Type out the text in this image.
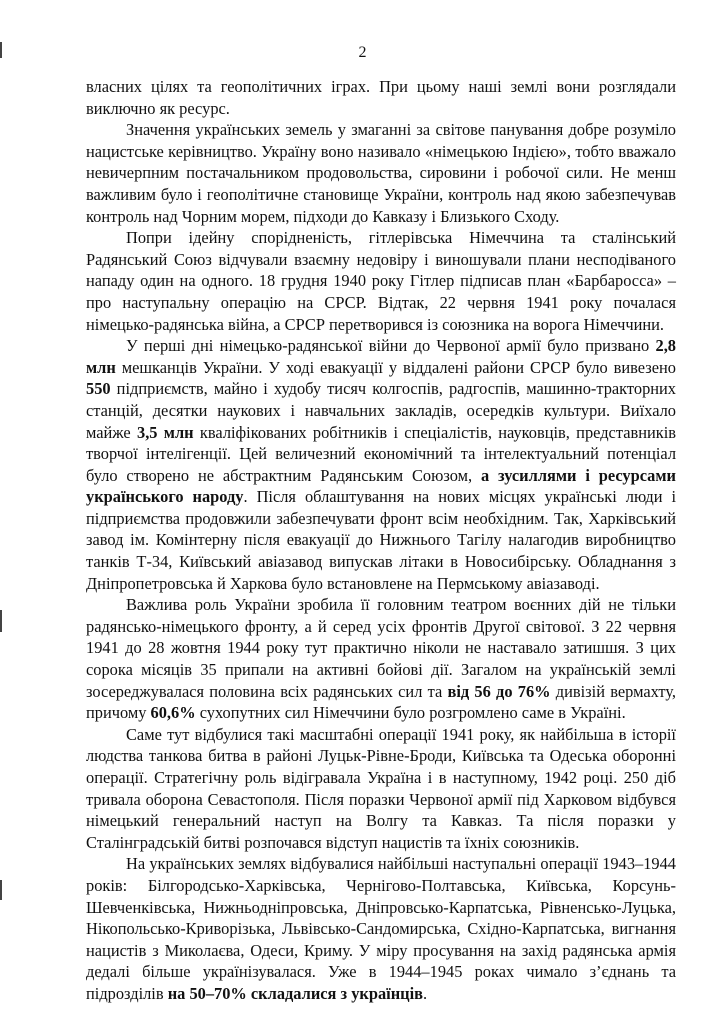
2

власних цілях та геополітичних іграх. При цьому наші землі вони розглядали виключно як ресурс.

Значення українських земель у змаганні за світове панування добре розуміло нацистське керівництво. Україну воно називало «німецькою Індією», тобто вважало невичерпним постачальником продовольства, сировини і робочої сили. Не менш важливим було і геополітичне становище України, контроль над якою забезпечував контроль над Чорним морем, підходи до Кавказу і Близького Сходу.

Попри ідейну спорідненість, гітлерівська Німеччина та сталінський Радянський Союз відчували взаємну недовіру і виношували плани несподіваного нападу один на одного. 18 грудня 1940 року Гітлер підписав план «Барбаросса» – про наступальну операцію на СРСР. Відтак, 22 червня 1941 року почалася німецько-радянська війна, а СРСР перетворився із союзника на ворога Німеччини.

У перші дні німецько-радянської війни до Червоної армії було призвано 2,8 млн мешканців України. У ході евакуації у віддалені райони СРСР було вивезено 550 підприємств, майно і худобу тисяч колгоспів, радгоспів, машинно-тракторних станцій, десятки наукових і навчальних закладів, осередків культури. Виїхало майже 3,5 млн кваліфікованих робітників і спеціалістів, науковців, представників творчої інтелігенції. Цей величезний економічний та інтелектуальний потенціал було створено не абстрактним Радянським Союзом, а зусиллями і ресурсами українського народу. Після облаштування на нових місцях українські люди і підприємства продовжили забезпечувати фронт всім необхідним. Так, Харківський завод ім. Комінтерну після евакуації до Нижнього Тагілу налагодив виробництво танків Т-34, Київський авіазавод випускав літаки в Новосибірську. Обладнання з Дніпропетровська й Харкова було встановлене на Пермському авіазаводі.

Важлива роль України зробила її головним театром воєнних дій не тільки радянсько-німецького фронту, а й серед усіх фронтів Другої світової. З 22 червня 1941 до 28 жовтня 1944 року тут практично ніколи не наставало затишшя. З цих сорока місяців 35 припали на активні бойові дії. Загалом на українській землі зосереджувалася половина всіх радянських сил та від 56 до 76% дивізій вермахту, причому 60,6% сухопутних сил Німеччини було розгромлено саме в Україні.

Саме тут відбулися такі масштабні операції 1941 року, як найбільша в історії людства танкова битва в районі Луцьк-Рівне-Броди, Київська та Одеська оборонні операції. Стратегічну роль відігравала Україна і в наступному, 1942 році. 250 діб тривала оборона Севастополя. Після поразки Червоної армії під Харковом відбувся німецький генеральний наступ на Волгу та Кавказ. Та після поразки у Сталінградській битві розпочався відступ нацистів та їхніх союзників.

На українських землях відбувалися найбільші наступальні операції 1943–1944 років: Білгородсько-Харківська, Чернігово-Полтавська, Київська, Корсунь-Шевченківська, Нижньодніпровська, Дніпровсько-Карпатська, Рівненсько-Луцька, Нікопольсько-Криворізька, Львівсько-Сандомирська, Східно-Карпатська, вигнання нацистів з Миколаєва, Одеси, Криму. У міру просування на захід радянська армія дедалі більше українізувалася. Уже в 1944–1945 роках чимало з’єднань та підрозділів на 50–70% складалися з українців.
